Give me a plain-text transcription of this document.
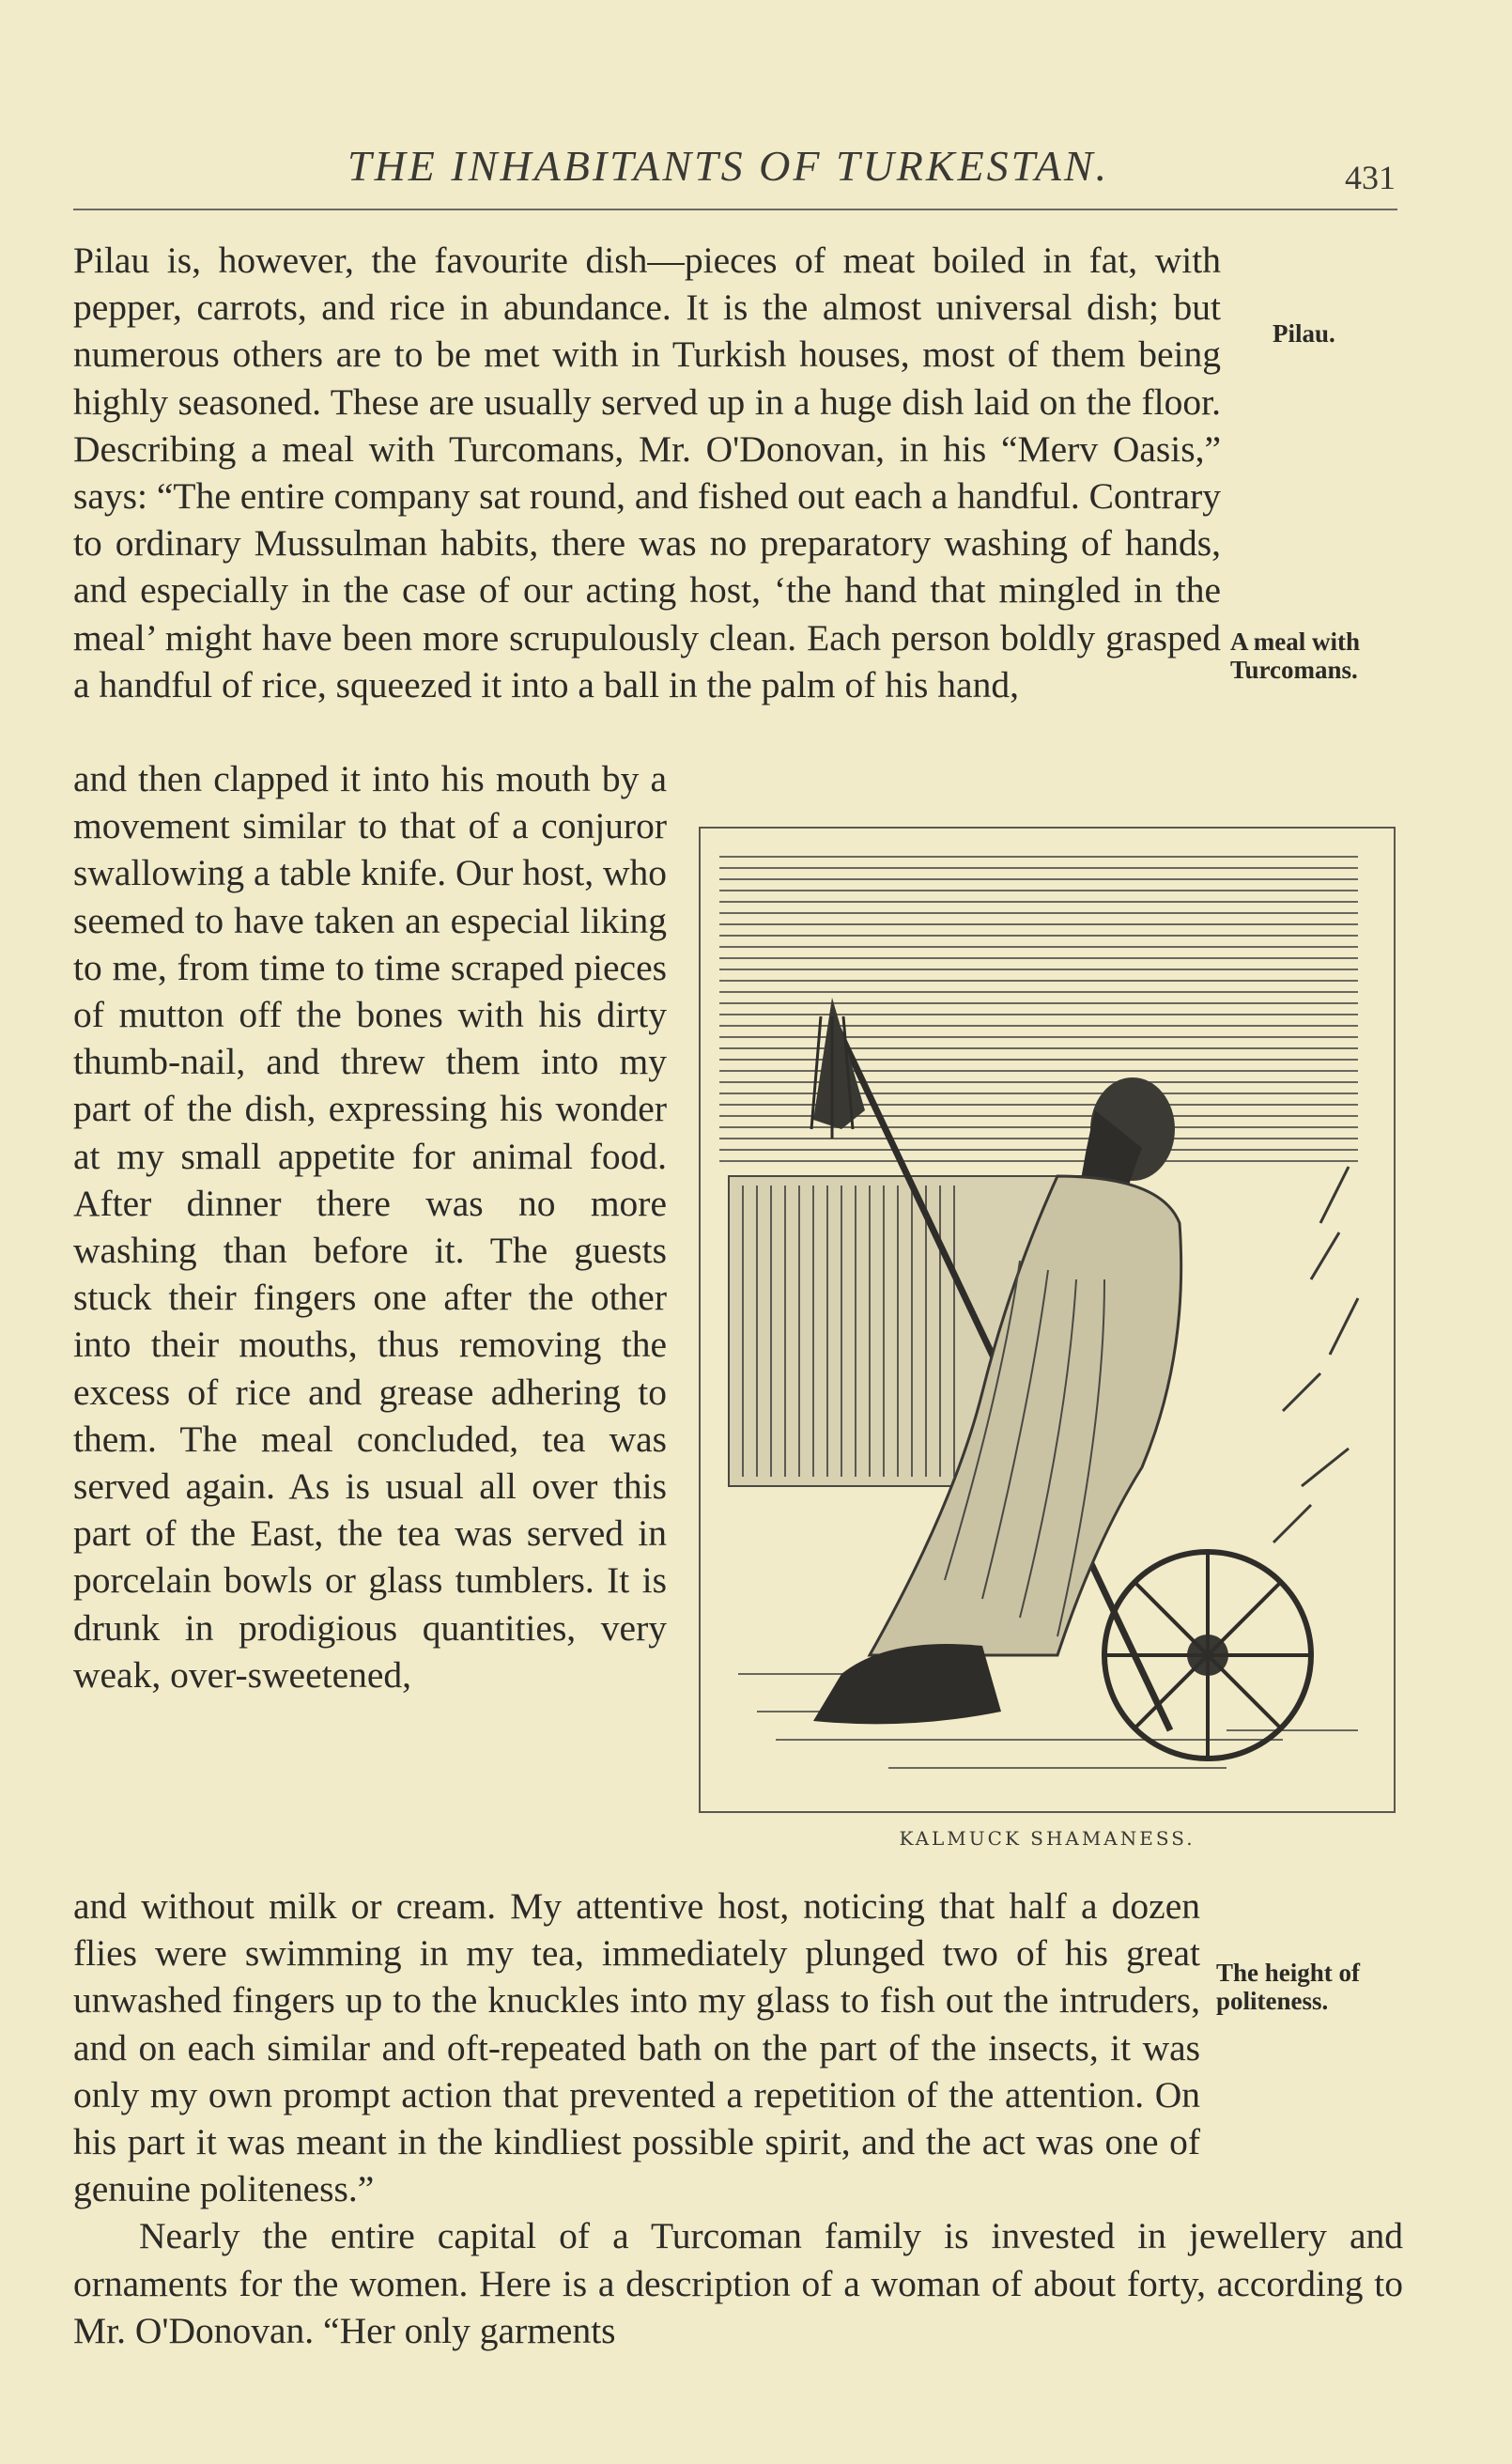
THE INHABITANTS OF TURKESTAN.	431

Pilau is, however, the favourite dish—pieces of meat boiled in fat, with pepper, carrots, and rice in abundance. It is the almost universal dish; but numerous others are to be met with in Turkish houses, most of them being highly seasoned. These are usually served up in a huge dish laid on the floor. Describing a meal with Turcomans, Mr. O'Donovan, in his “Merv Oasis,” says: “The entire company sat round, and fished out each a handful. Contrary to ordinary Mussulman habits, there was no preparatory washing of hands, and especially in the case of our acting host, ‘the hand that mingled in the meal’ might have been more scrupulously clean. Each person boldly grasped a handful of rice, squeezed it into a ball in the palm of his hand,

Pilau.
A meal with Turcomans.

and then clapped it into his mouth by a movement similar to that of a conjuror swallowing a table knife. Our host, who seemed to have taken an especial liking to me, from time to time scraped pieces of mutton off the bones with his dirty thumb-nail, and threw them into my part of the dish, expressing his wonder at my small appetite for animal food. After dinner there was no more washing than before it. The guests stuck their fingers one after the other into their mouths, thus removing the excess of rice and grease adhering to them. The meal concluded, tea was served again. As is usual all over this part of the East, the tea was served in porcelain bowls or glass tumblers. It is drunk in prodigious quantities, very weak, over-sweetened,

KALMUCK SHAMANESS.

and without milk or cream. My attentive host, noticing that half a dozen flies were swimming in my tea, immediately plunged two of his great unwashed fingers up to the knuckles into my glass to fish out the intruders, and on each similar and oft-repeated bath on the part of the insects, it was only my own prompt action that prevented a repetition of the attention. On his part it was meant in the kindliest possible spirit, and the act was one of genuine politeness.”

Nearly the entire capital of a Turcoman family is invested in jewellery and ornaments for the women. Here is a description of a woman of about forty, according to Mr. O'Donovan. “Her only garments

The height of politeness.
